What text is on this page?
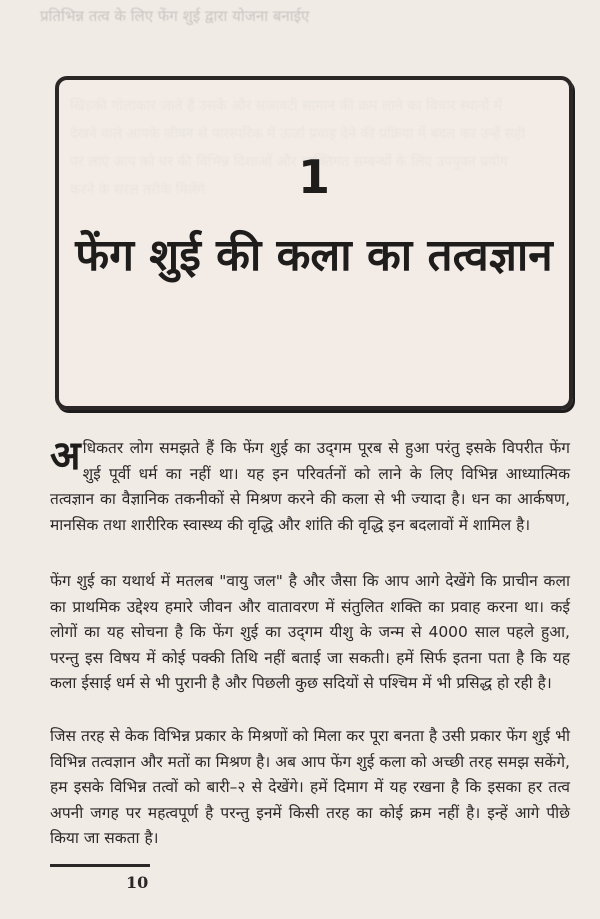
प्रतिभिन्न तत्व के लिए फेंग शुई द्वारा योजना बनाईए
1
फेंग शुई की कला का तत्वज्ञान
अधिकतर लोग समझते हैं कि फेंग शुई का उद्‌गम पूरब से हुआ परंतु इसके विपरीत फेंग शुई पूर्वी धर्म का नहीं था। यह इन परिवर्तनों को लाने के लिए विभिन्न आध्यात्मिक तत्वज्ञान का वैज्ञानिक तकनीकों से मिश्रण करने की कला से भी ज्यादा है। धन का आर्कषण, मानसिक तथा शारीरिक स्वास्थ्य की वृद्धि और शांति की वृद्धि इन बदलावों में शामिल है।
फेंग शुई का यथार्थ में मतलब "वायु जल" है और जैसा कि आप आगे देखेंगे कि प्राचीन कला का प्राथमिक उद्देश्य हमारे जीवन और वातावरण में संतुलित शक्ति का प्रवाह करना था। कई लोगों का यह सोचना है कि फेंग शुई का उद्‌गम यीशु के जन्म से 4000 साल पहले हुआ, परन्तु इस विषय में कोई पक्की तिथि नहीं बताई जा सकती। हमें सिर्फ इतना पता है कि यह कला ईसाई धर्म से भी पुरानी है और पिछली कुछ सदियों से पश्चिम में भी प्रसिद्ध हो रही है।
जिस तरह से केक विभिन्न प्रकार के मिश्रणों को मिला कर पूरा बनता है उसी प्रकार फेंग शुई भी विभिन्न तत्वज्ञान और मतों का मिश्रण है। अब आप फेंग शुई कला को अच्छी तरह समझ सकेंगे, हम इसके विभिन्न तत्वों को बारी–२ से देखेंगे। हमें दिमाग में यह रखना है कि इसका हर तत्व अपनी जगह पर महत्वपूर्ण है परन्तु इनमें किसी तरह का कोई क्रम नहीं है। इन्हें आगे पीछे किया जा सकता है।
10
